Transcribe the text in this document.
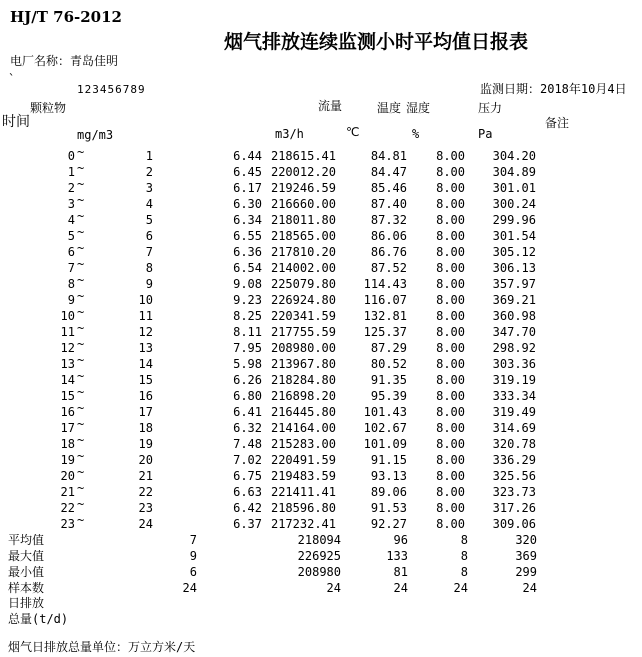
HJ/T 76-2012
烟气排放连续监测小时平均值日报表
电厂名称：青岛佳明
`
123456789	监测日期：2018年10月4日
时间
颗粒物	流量	温度 湿度	压力
备注
mg/m3	m3/h	℃	%	Pa
0 ~	1	6.44 218615.41	84.81	8.00	304.20
1 ~	2	6.45 220012.20	84.47	8.00	304.89
2 ~	3	6.17 219246.59	85.46	8.00	301.01
3 ~	4	6.30 216660.00	87.40	8.00	300.24
4 ~	5	6.34 218011.80	87.32	8.00	299.96
5 ~	6	6.55 218565.00	86.06	8.00	301.54
6 ~	7	6.36 217810.20	86.76	8.00	305.12
7 ~	8	6.54 214002.00	87.52	8.00	306.13
8 ~	9	9.08 225079.80	114.43	8.00	357.97
9 ~	10	9.23 226924.80	116.07	8.00	369.21
10 ~	11	8.25 220341.59	132.81	8.00	360.98
11 ~	12	8.11 217755.59	125.37	8.00	347.70
12 ~	13	7.95 208980.00	87.29	8.00	298.92
13 ~	14	5.98 213967.80	80.52	8.00	303.36
14 ~	15	6.26 218284.80	91.35	8.00	319.19
15 ~	16	6.80 216898.20	95.39	8.00	333.34
16 ~	17	6.41 216445.80	101.43	8.00	319.49
17 ~	18	6.32 214164.00	102.67	8.00	314.69
18 ~	19	7.48 215283.00	101.09	8.00	320.78
19 ~	20	7.02 220491.59	91.15	8.00	336.29
20 ~	21	6.75 219483.59	93.13	8.00	325.56
21 ~	22	6.63 221411.41	89.06	8.00	323.73
22 ~	23	6.42 218596.80	91.53	8.00	317.26
23 ~	24	6.37 217232.41	92.27	8.00	309.06
平均值	7	218094	96	8	320
最大值	9	226925	133	8	369
最小值	6	208980	81	8	299
样本数	24	24	24	24	24
日排放
总量(t/d)
烟气日排放总量单位：万立方米/天
